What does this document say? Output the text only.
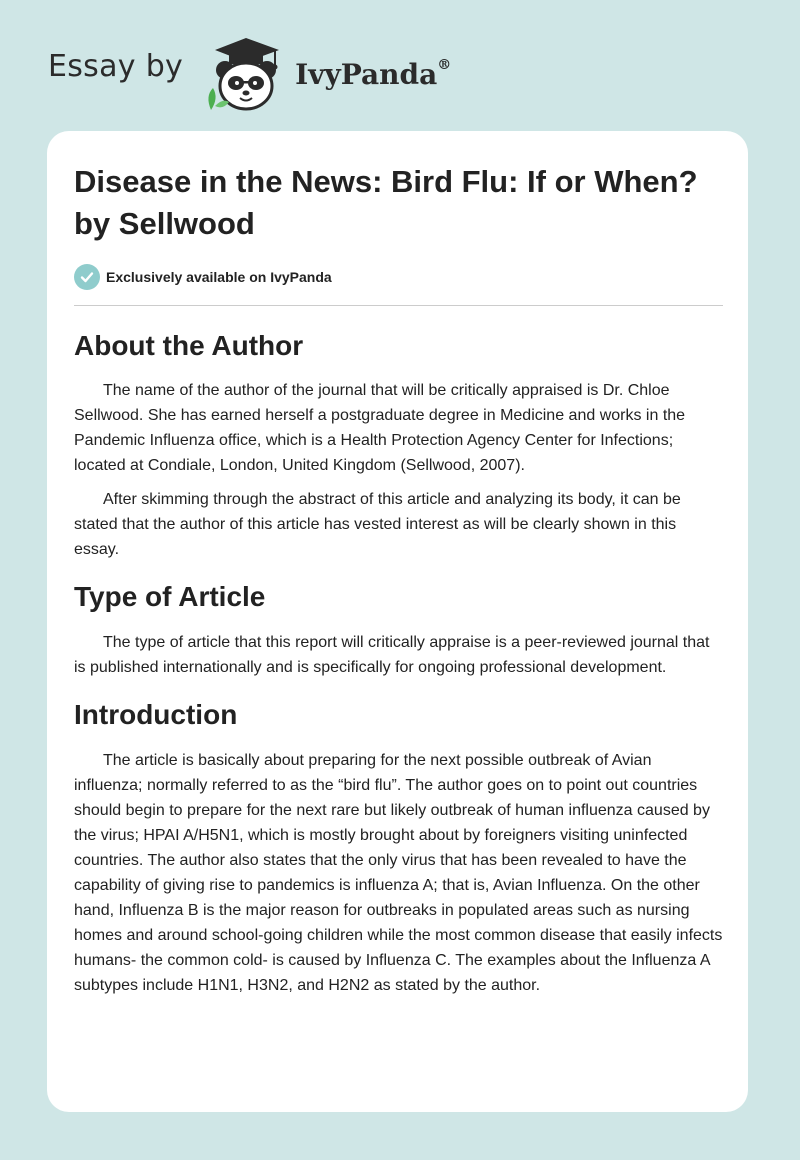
Essay by	IvyPanda®
Disease in the News: Bird Flu: If or When? by Sellwood
Exclusively available on IvyPanda
About the Author

The name of the author of the journal that will be critically appraised is Dr. Chloe Sellwood. She has earned herself a postgraduate degree in Medicine and works in the Pandemic Influenza office, which is a Health Protection Agency Center for Infections; located at Condiale, London, United Kingdom (Sellwood, 2007).

After skimming through the abstract of this article and analyzing its body, it can be stated that the author of this article has vested interest as will be clearly shown in this essay.

Type of Article

The type of article that this report will critically appraise is a peer-reviewed journal that is published internationally and is specifically for ongoing professional development.

Introduction

The article is basically about preparing for the next possible outbreak of Avian influenza; normally referred to as the “bird flu”. The author goes on to point out countries should begin to prepare for the next rare but likely outbreak of human influenza caused by the virus; HPAI A/H5N1, which is mostly brought about by foreigners visiting uninfected countries. The author also states that the only virus that has been revealed to have the capability of giving rise to pandemics is influenza A; that is, Avian Influenza. On the other hand, Influenza B is the major reason for outbreaks in populated areas such as nursing homes and around school-going children while the most common disease that easily infects humans- the common cold- is caused by Influenza C. The examples about the Influenza A subtypes include H1N1, H3N2, and H2N2 as stated by the author.
